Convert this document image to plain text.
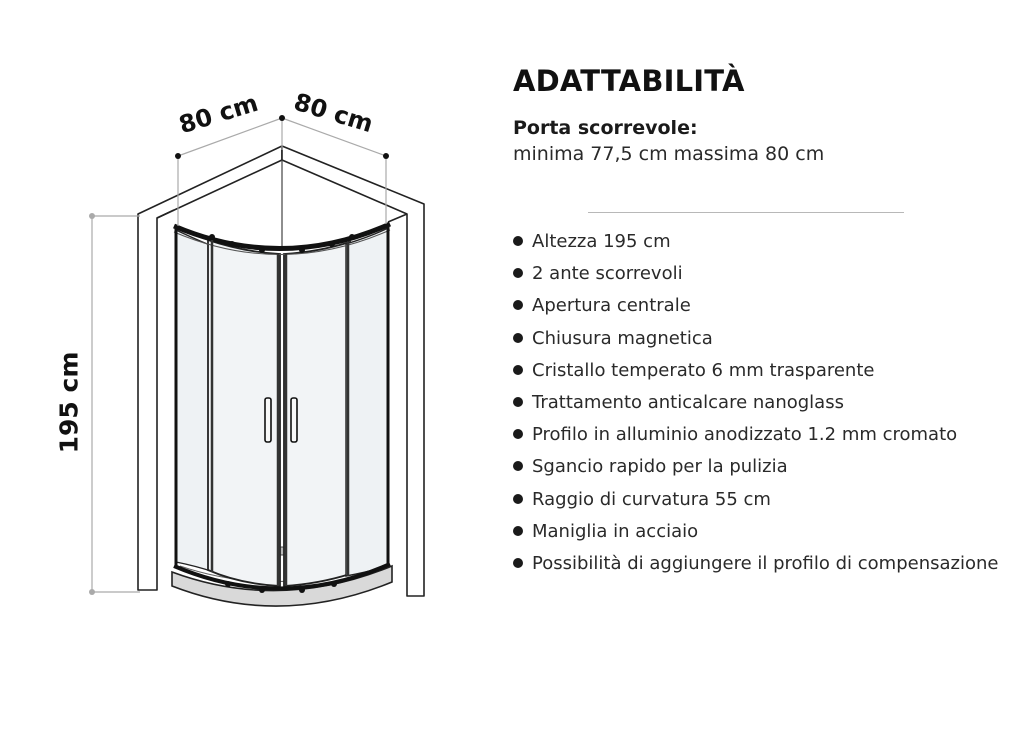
80 cm 80 cm
195 cm
ADATTABILITÀ
Porta scorrevole:
minima 77,5 cm massima 80 cm
Altezza 195 cm
2 ante scorrevoli
Apertura centrale
Chiusura magnetica
Cristallo temperato 6 mm trasparente
Trattamento anticalcare nanoglass
Profilo in alluminio anodizzato 1.2 mm cromato
Sgancio rapido per la pulizia
Raggio di curvatura 55 cm
Maniglia in acciaio
Possibilità di aggiungere il profilo di compensazione
